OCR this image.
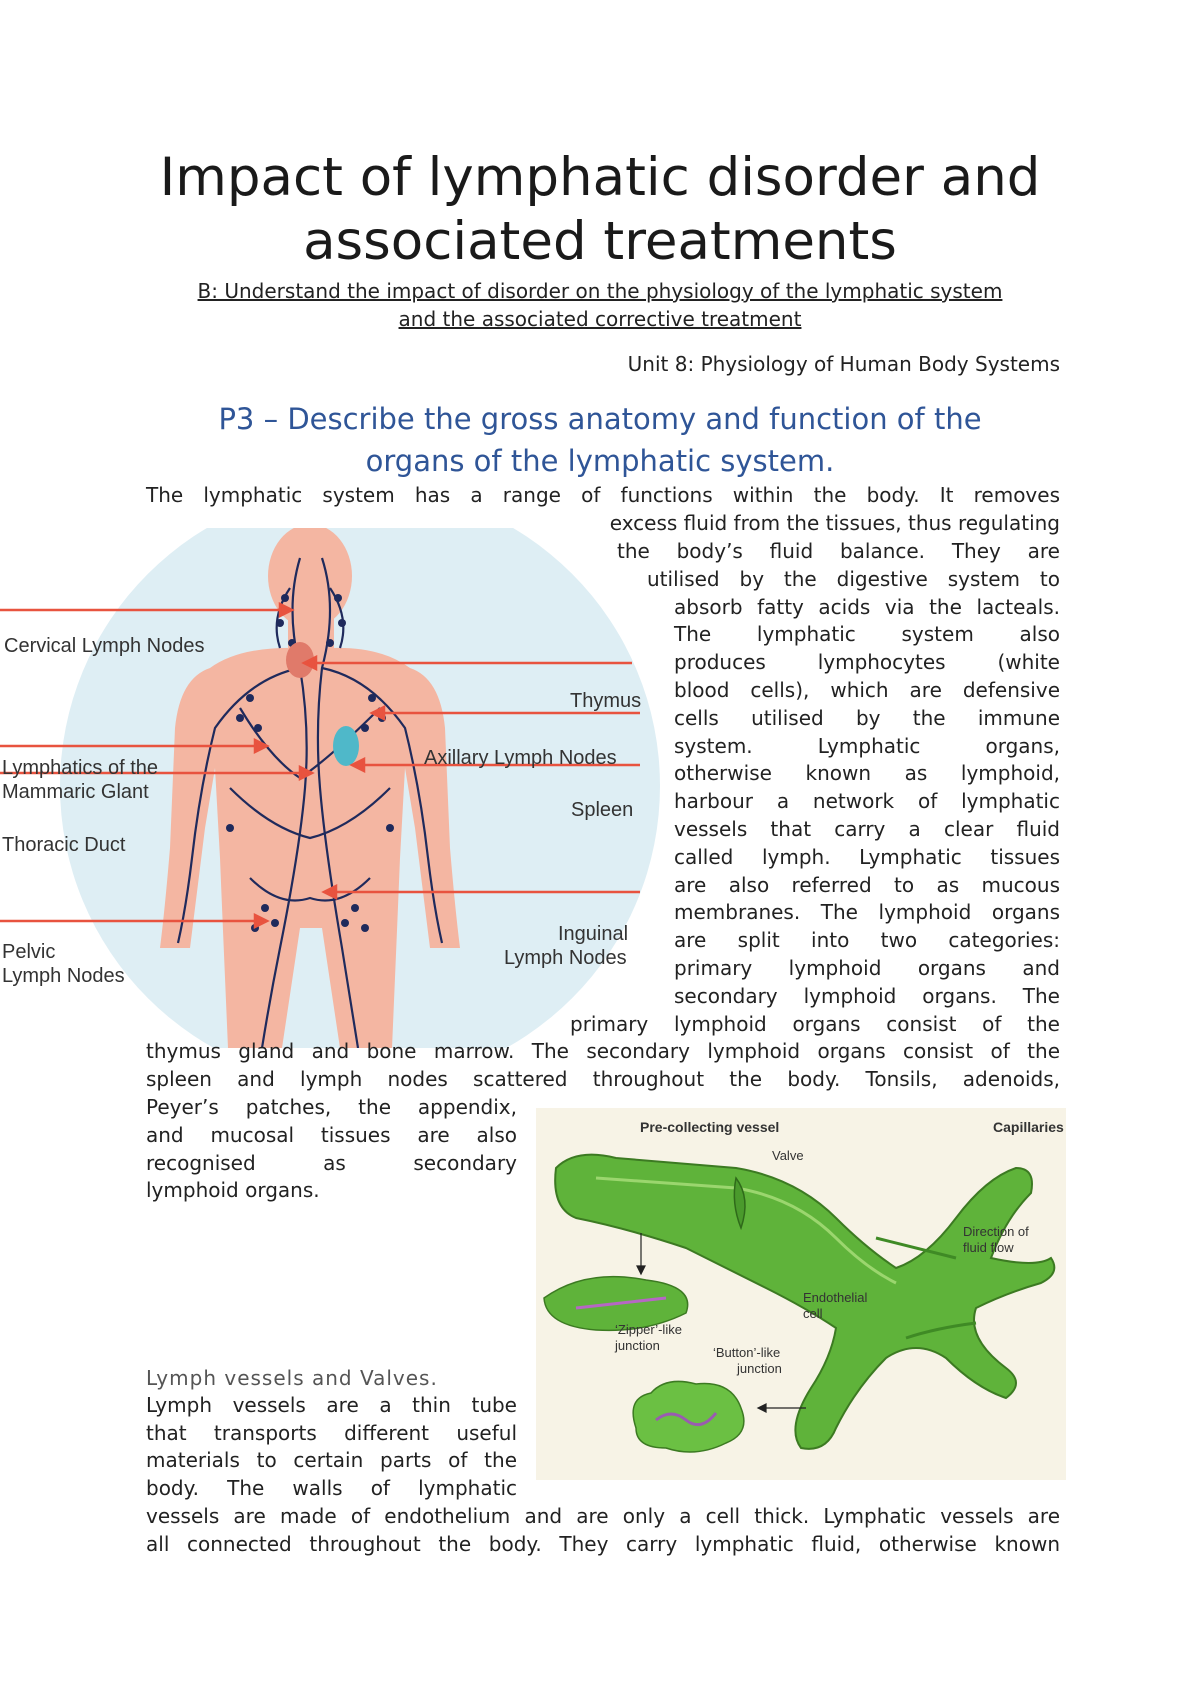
Impact of lymphatic disorder and
associated treatments
B: Understand the impact of disorder on the physiology of the lymphatic system
and the associated corrective treatment
Unit 8: Physiology of Human Body Systems
P3 – Describe the gross anatomy and function of the
organs of the lymphatic system.
Cervical Lymph Nodes
Lymphatics of the
Mammaric Glant
Thoracic Duct
Pelvic
Lymph Nodes
Thymus
Axillary Lymph Nodes
Spleen
Inguinal
Lymph Nodes
The lymphatic system has a range of functions within the body. It removes
excess fluid from the tissues, thus regulating
the body’s fluid balance. They are
utilised by the digestive system to
absorb fatty acids via the lacteals.
The lymphatic system also
produces lymphocytes (white
blood cells), which are defensive
cells utilised by the immune
system. Lymphatic organs,
otherwise known as lymphoid,
harbour a network of lymphatic
vessels that carry a clear fluid
called lymph. Lymphatic tissues
are also referred to as mucous
membranes. The lymphoid organs
are split into two categories:
primary lymphoid organs and
secondary lymphoid organs. The
primary lymphoid organs consist of the
thymus gland and bone marrow. The secondary lymphoid organs consist of the
spleen and lymph nodes scattered throughout the body. Tonsils, adenoids,
Peyer’s patches, the appendix,
and mucosal tissues are also
recognised as secondary
lymphoid organs.
Pre-collecting vessel	Capillaries
Valve
Direction of
fluid flow
Endothelial
cell
‘Zipper’-like
junction	‘Button’-like
junction
Lymph vessels and Valves.
Lymph vessels are a thin tube
that transports different useful
materials to certain parts of the
body. The walls of lymphatic
vessels are made of endothelium and are only a cell thick. Lymphatic vessels are
all connected throughout the body. They carry lymphatic fluid, otherwise known
